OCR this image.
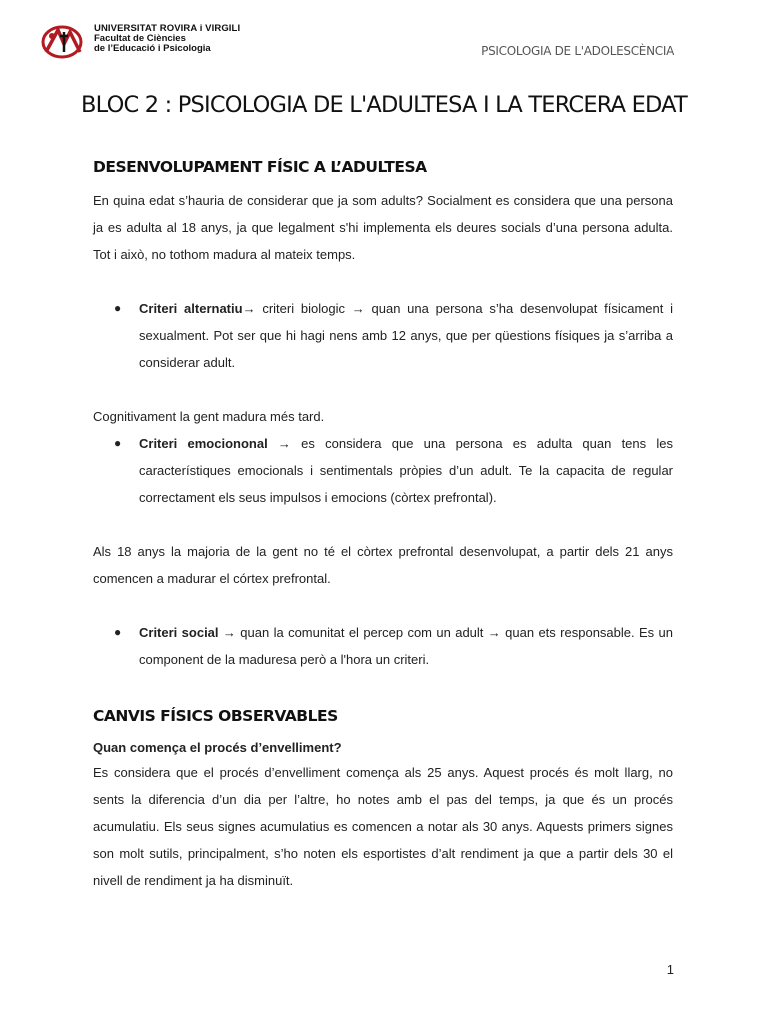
UNIVERSITAT ROVIRA i VIRGILI
Facultat de Ciències
de l’Educació i Psicologia	PSICOLOGIA DE L'ADOLESCÈNCIA
BLOC 2 : PSICOLOGIA DE L'ADULTESA I LA TERCERA EDAT
DESENVOLUPAMENT FÍSIC A L’ADULTESA

En quina edat s’hauria de considerar que ja som adults? Socialment es considera que una persona ja es adulta al 18 anys, ja que legalment s'hi implementa els deures socials d’una persona adulta. Tot i això, no tothom madura al mateix temps.

● Criteri alternatiu→ criteri biologic → quan una persona s’ha desenvolupat físicament i sexualment. Pot ser que hi hagi nens amb 12 anys, que per qüestions físiques ja s’arriba a considerar adult.

Cognitivament la gent madura més tard.

● Criteri emociononal → es considera que una persona es adulta quan tens les característiques emocionals i sentimentals pròpies d’un adult. Te la capacita de regular correctament els seus impulsos i emocions (còrtex prefrontal).

Als 18 anys la majoria de la gent no té el còrtex prefrontal desenvolupat, a partir dels 21 anys comencen a madurar el córtex prefrontal.

● Criteri social → quan la comunitat el percep com un adult → quan ets responsable. Es un component de la maduresa però a l'hora un criteri.
CANVIS FÍSICS OBSERVABLES
Quan comença el procés d’envelliment?

Es considera que el procés d’envelliment comença als 25 anys. Aquest procés és molt llarg, no sents la diferencia d’un dia per l’altre, ho notes amb el pas del temps, ja que és un procés acumulatiu. Els seus signes acumulatius es comencen a notar als 30 anys. Aquests primers signes son molt sutils, principalment, s’ho noten els esportistes d’alt rendiment ja que a partir dels 30 el nivell de rendiment ja ha disminuït.

1
